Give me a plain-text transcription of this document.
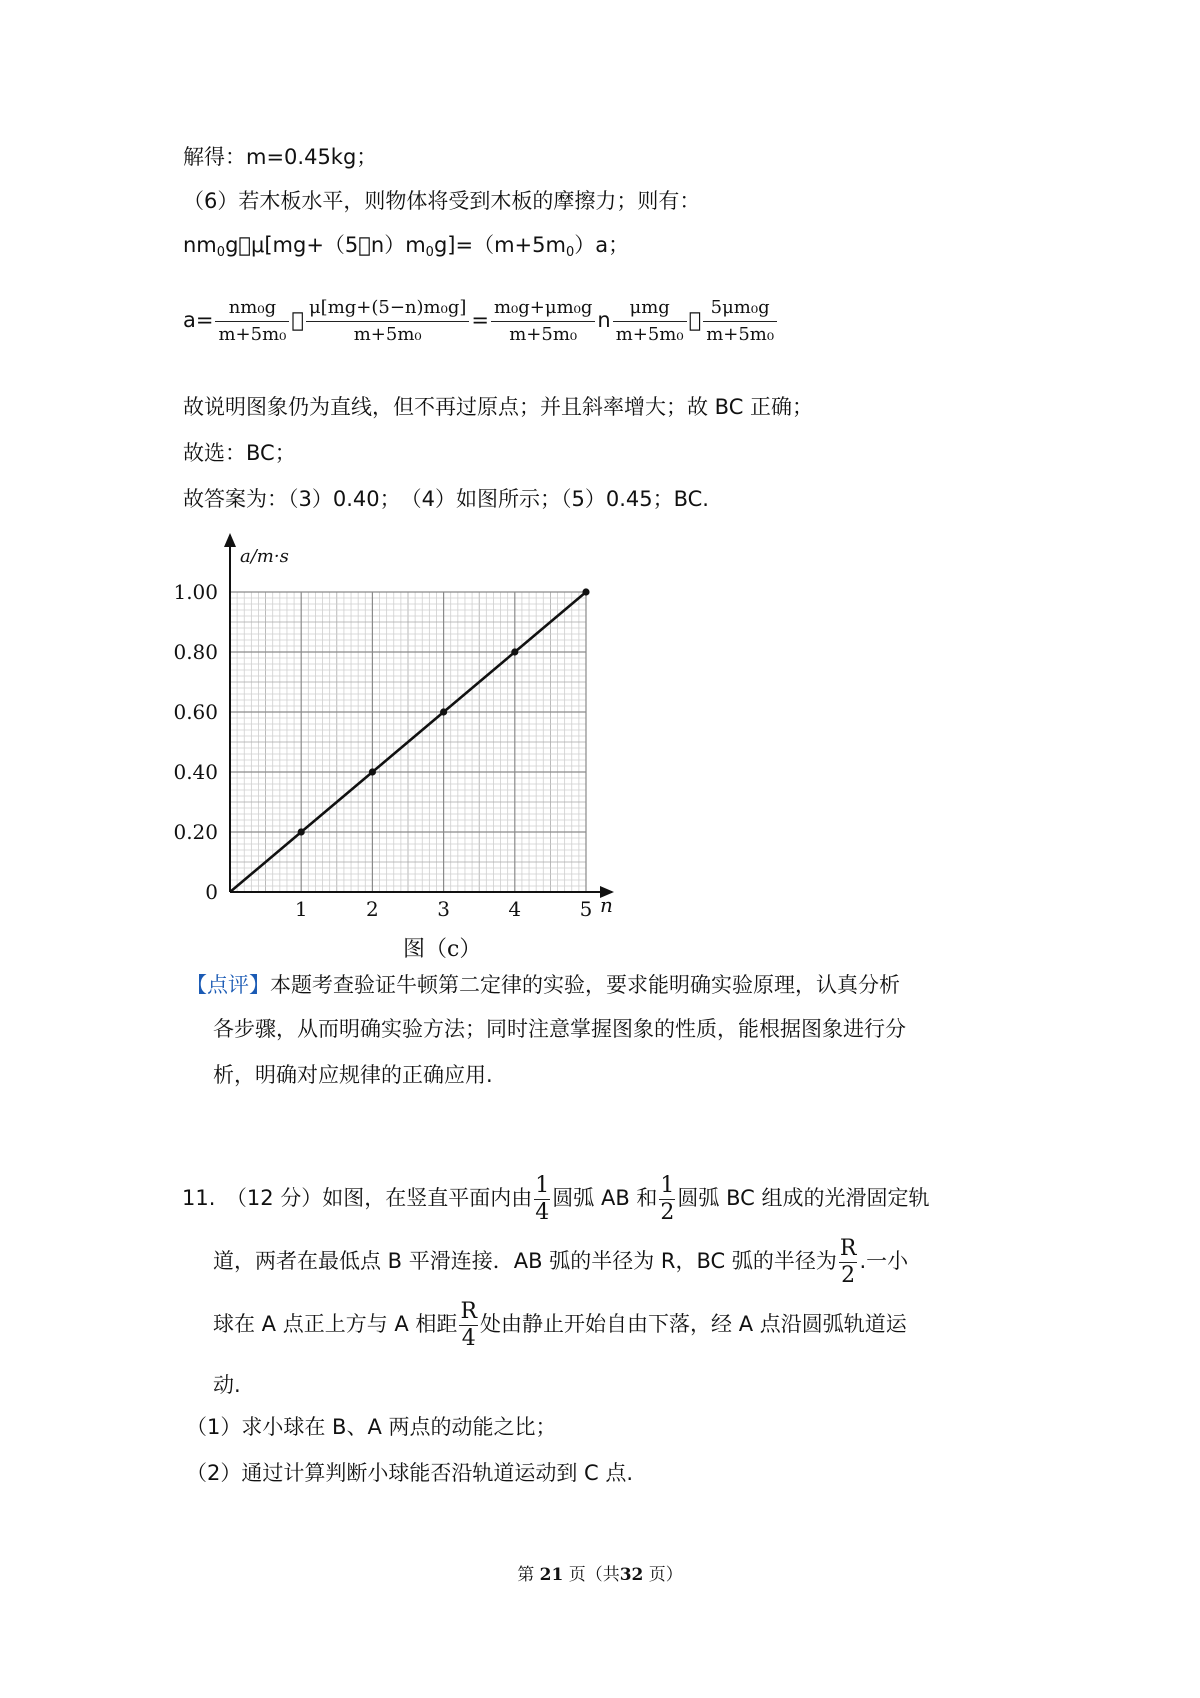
解得：m=0.45kg；
（6）若木板水平，则物体将受到木板的摩擦力；则有：
$nm_0g \mu[mg+(5 n)m_0g]=(m+5m_0)a$；
$a= \frac{\text{nm₀g}}{\text{m+5m₀}}$   $\frac{\text{μ[mg+(5−n)m₀g]}}{\text{m+5m₀}} = \frac{\text{m₀g+μm₀g}}{\text{m+5m₀}}$ n $\frac{\text{μmg}}{\text{m+5m₀}}$   $\frac{\text{5μm₀g}}{\text{m+5m₀}}$
故说明图象仍为直线，但不再过原点；并且斜率增大；故 BC 正确；
故选：BC；
故答案为：（3）0.40；　（4）如图所示；（5）0.45；BC.
a/m·s
n
1	2	3	4	5
0
0.20
0.40
0.60
0.80
1.00
图（c）
【点评】本题考查验证牛顿第二定律的实验，要求能明确实验原理，认真分析
各步骤，从而明确实验方法；同时注意掌握图象的性质，能根据图象进行分
析，明确对应规律的正确应用.
11.　（12 分）如图，在竖直平面内由 $\frac{1}{4}$ 圆弧 AB 和 $\frac{1}{2}$ 圆弧 BC 组成的光滑固定轨
道，两者在最低点 B 平滑连接．AB 弧的半径为 R，BC 弧的半径为 $\frac{R}{2}$ .一小
球在 A 点正上方与 A 相距 $\frac{R}{4}$ 处由静止开始自由下落，经 A 点沿圆弧轨道运
动.
（1）求小球在 B、A 两点的动能之比；
（2）通过计算判断小球能否沿轨道运动到 C 点.
第 21 页（共32 页）
